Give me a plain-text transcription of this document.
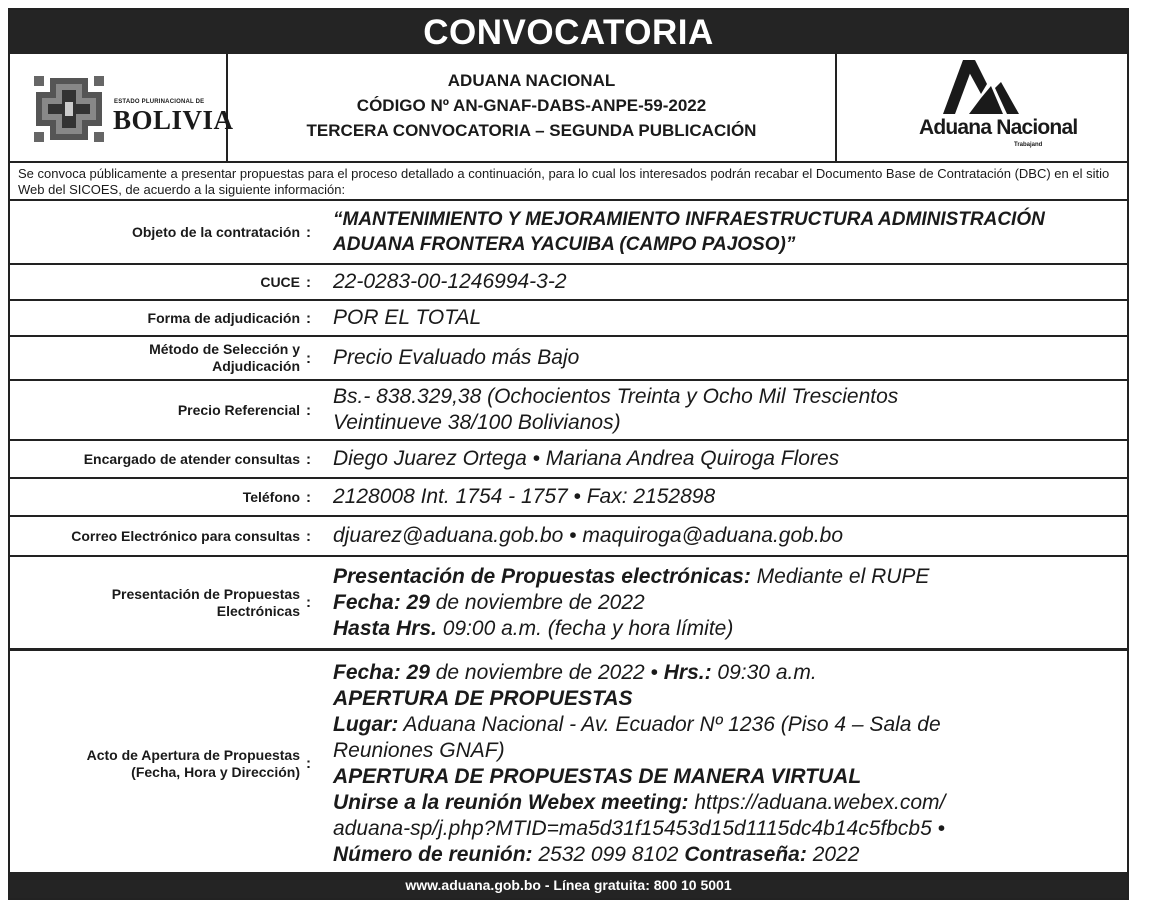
CONVOCATORIA
ESTADO PLURINACIONAL DE
BOLIVIA
ADUANA NACIONAL
CÓDIGO Nº AN-GNAF-DABS-ANPE-59-2022
TERCERA CONVOCATORIA – SEGUNDA PUBLICACIÓN	Aduana Nacional
Trabajand
Se convoca públicamente a presentar propuestas para el proceso detallado a continuación, para lo cual los interesados podrán recabar el Documento Base de Contratación (DBC) en el sitio Web del SICOES, de acuerdo a la siguiente información:
Objeto de la contratación :
“MANTENIMIENTO Y MEJORAMIENTO INFRAESTRUCTURA ADMINISTRACIÓN
ADUANA FRONTERA YACUIBA (CAMPO PAJOSO)”
CUCE : 22-0283-00-1246994-3-2
Forma de adjudicación : POR EL TOTAL
Método de Selección y
Adjudicación : Precio Evaluado más Bajo
Precio Referencial :
Bs.- 838.329,38 (Ochocientos Treinta y Ocho Mil Trescientos
Veintinueve 38/100 Bolivianos)
Encargado de atender consultas : Diego Juarez Ortega • Mariana Andrea Quiroga Flores
Teléfono : 2128008 Int. 1754 - 1757 • Fax: 2152898
Correo Electrónico para consultas : djuarez@aduana.gob.bo • maquiroga@aduana.gob.bo
Presentación de Propuestas
Electrónicas :
Presentación de Propuestas electrónicas: Mediante el RUPE
Fecha: 29 de noviembre de 2022
Hasta Hrs. 09:00 a.m. (fecha y hora límite)
Acto de Apertura de Propuestas
(Fecha, Hora y Dirección) :
Fecha: 29 de noviembre de 2022 • Hrs.: 09:30 a.m.
APERTURA DE PROPUESTAS
Lugar: Aduana Nacional - Av. Ecuador Nº 1236 (Piso 4 – Sala de
Reuniones GNAF)
APERTURA DE PROPUESTAS DE MANERA VIRTUAL
Unirse a la reunión Webex meeting: https://aduana.webex.com/
aduana-sp/j.php?MTID=ma5d31f15453d15d1115dc4b14c5fbcb5 •
Número de reunión: 2532 099 8102 Contraseña: 2022
www.aduana.gob.bo - Línea gratuita: 800 10 5001
